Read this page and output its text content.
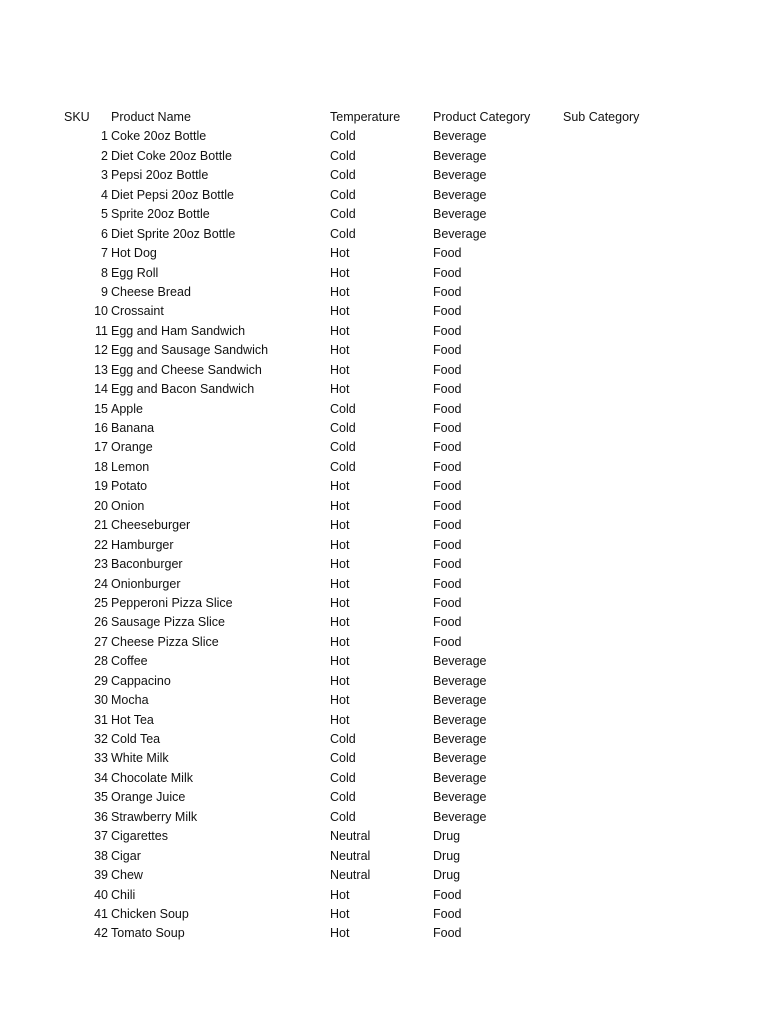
SKU Product Name	Temperature	Product Category	Sub Category
1 Coke 20oz Bottle	Cold	Beverage
2 Diet Coke 20oz Bottle	Cold	Beverage
3 Pepsi 20oz Bottle	Cold	Beverage
4 Diet Pepsi 20oz Bottle	Cold	Beverage
5 Sprite 20oz Bottle	Cold	Beverage
6 Diet Sprite 20oz Bottle	Cold	Beverage
7 Hot Dog	Hot	Food
8 Egg Roll	Hot	Food
9 Cheese Bread	Hot	Food
10 Crossaint	Hot	Food
11 Egg and Ham Sandwich	Hot	Food
12 Egg and Sausage Sandwich	Hot	Food
13 Egg and Cheese Sandwich	Hot	Food
14 Egg and Bacon Sandwich	Hot	Food
15 Apple	Cold	Food
16 Banana	Cold	Food
17 Orange	Cold	Food
18 Lemon	Cold	Food
19 Potato	Hot	Food
20 Onion	Hot	Food
21 Cheeseburger	Hot	Food
22 Hamburger	Hot	Food
23 Baconburger	Hot	Food
24 Onionburger	Hot	Food
25 Pepperoni Pizza Slice	Hot	Food
26 Sausage Pizza Slice	Hot	Food
27 Cheese Pizza Slice	Hot	Food
28 Coffee	Hot	Beverage
29 Cappacino	Hot	Beverage
30 Mocha	Hot	Beverage
31 Hot Tea	Hot	Beverage
32 Cold Tea	Cold	Beverage
33 White Milk	Cold	Beverage
34 Chocolate Milk	Cold	Beverage
35 Orange Juice	Cold	Beverage
36 Strawberry Milk	Cold	Beverage
37 Cigarettes	Neutral	Drug
38 Cigar	Neutral	Drug
39 Chew	Neutral	Drug
40 Chili	Hot	Food
41 Chicken Soup	Hot	Food
42 Tomato Soup	Hot	Food
